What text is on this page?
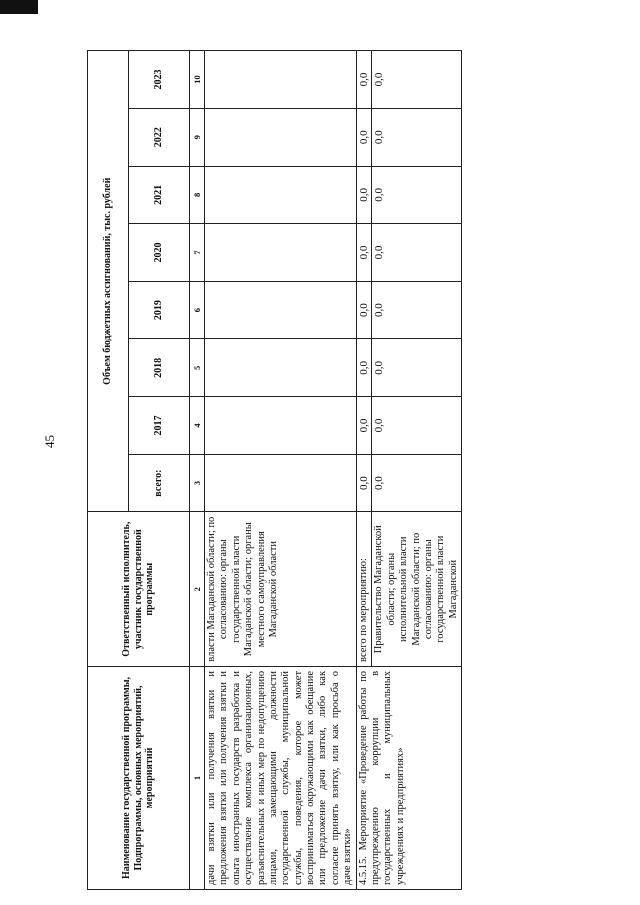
45
Наименование государственной программы, Подпрограммы, основных мероприятий, мероприятий	Ответственный исполнитель, участник государственной программы	Объем бюджетных ассигнований, тыс. рублей							
		всего:	2017	2018	2019	2020	2021	2022	2023
1	2	3	4	5	6	7	8	9	10
дачи взятки или получения взятки и предложения взятки или получения взятки и опыта иностранных государств разработка и осуществление комплекса организационных, разъяснительных и иных мер по недопущению лицами, замещающими должности государственной службы, муниципальной службы, поведения, которое может восприниматься окружающими как обещание или предложение дачи взятки, либо как согласие принять взятку, или как просьба о даче взятки»	власти Магаданской области; по согласованию: органы государственной власти Магаданской области; органы местного самоуправления Магаданской области								
4.5.15. Мероприятие «Проведение работы по предупреждению коррупции в государственных и муниципальных учреждениях и предприятиях»	всего по мероприятию:	0,0	0,0	0,0	0,0	0,0	0,0	0,0	0,0
	Правительство Магаданской области; органы исполнительной власти Магаданской области; по согласованию: органы государственной власти Магаданской	0,0	0,0	0,0	0,0	0,0	0,0	0,0	0,0
